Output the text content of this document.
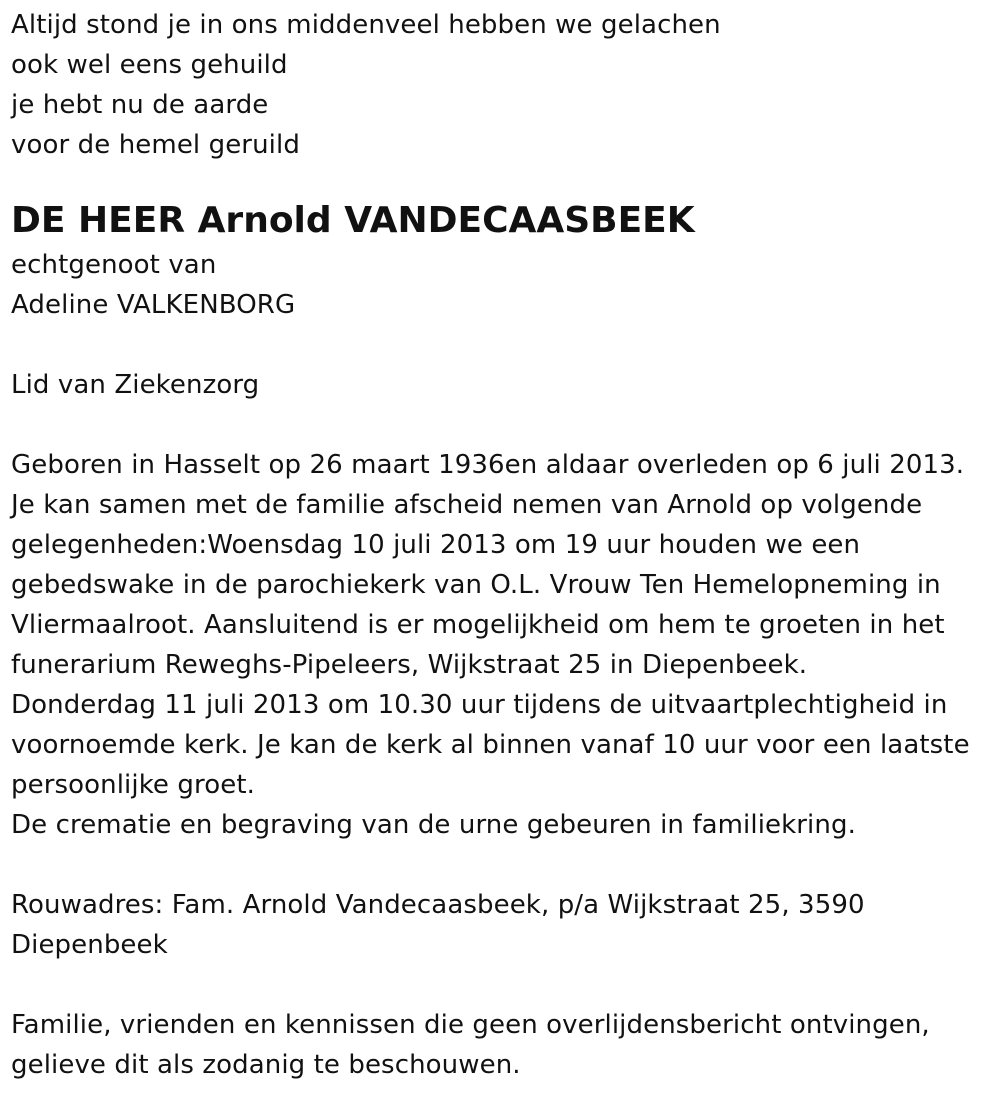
Altijd stond je in ons middenveel hebben we gelachen
ook wel eens gehuild
je hebt nu de aarde
voor de hemel geruild
DE HEER Arnold VANDECAASBEEK
echtgenoot van
Adeline VALKENBORG
Lid van Ziekenzorg
Geboren in Hasselt op 26 maart 1936en aldaar overleden op 6 juli 2013.
Je kan samen met de familie afscheid nemen van Arnold op volgende
gelegenheden:Woensdag 10 juli 2013 om 19 uur houden we een
gebedswake in de parochiekerk van O.L. Vrouw Ten Hemelopneming in
Vliermaalroot. Aansluitend is er mogelijkheid om hem te groeten in het
funerarium Reweghs-Pipeleers, Wijkstraat 25 in Diepenbeek.
Donderdag 11 juli 2013 om 10.30 uur tijdens de uitvaartplechtigheid in
voornoemde kerk. Je kan de kerk al binnen vanaf 10 uur voor een laatste
persoonlijke groet.
De crematie en begraving van de urne gebeuren in familiekring.
Rouwadres: Fam. Arnold Vandecaasbeek, p/a Wijkstraat 25, 3590
Diepenbeek
Familie, vrienden en kennissen die geen overlijdensbericht ontvingen,
gelieve dit als zodanig te beschouwen.
